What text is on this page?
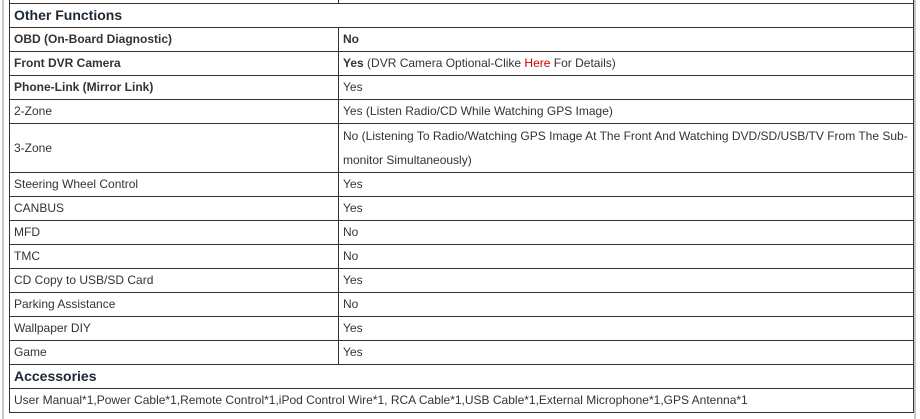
Other Functions	
OBD (On-Board Diagnostic)	No
Front DVR Camera	Yes (DVR Camera Optional-Clike Here For Details)
Phone-Link (Mirror Link)	Yes
2-Zone	Yes (Listen Radio/CD While Watching GPS Image)
3-Zone	No (Listening To Radio/Watching GPS Image At The Front And Watching DVD/SD/USB/TV From The Sub-monitor Simultaneously)
Steering Wheel Control	Yes
CANBUS	Yes
MFD	No
TMC	No
CD Copy to USB/SD Card	Yes
Parking Assistance	No
Wallpaper DIY	Yes
Game	Yes
Accessories	
User Manual*1,Power Cable*1,Remote Control*1,iPod Control Wire*1, RCA Cable*1,USB Cable*1,External Microphone*1,GPS Antenna*1	
